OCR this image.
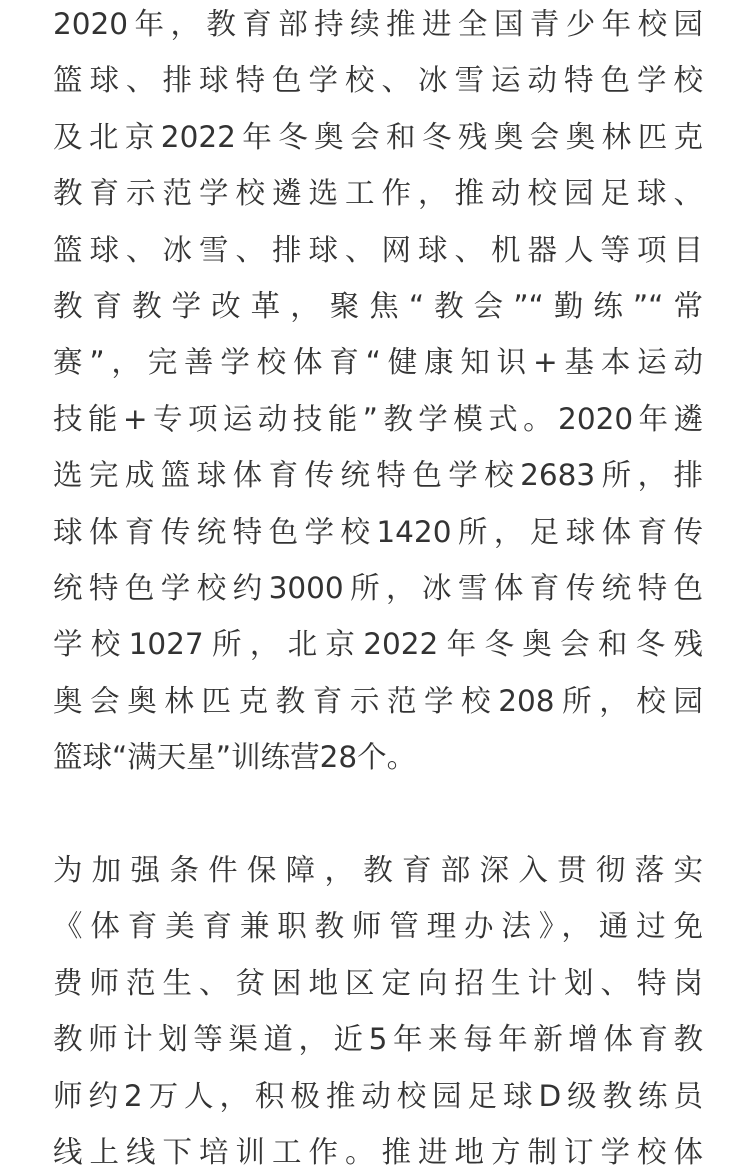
2020年，教育部持续推进全国青少年校园
篮球、排球特色学校、冰雪运动特色学校
及北京2022年冬奥会和冬残奥会奥林匹克
教育示范学校遴选工作，推动校园足球、
篮球、冰雪、排球、网球、机器人等项目
教育教学改革，聚焦“教会”“勤练”“常
赛”，完善学校体育“健康知识+基本运动
技能+专项运动技能”教学模式。2020年遴
选完成篮球体育传统特色学校2683所，排
球体育传统特色学校1420所，足球体育传
统特色学校约3000所，冰雪体育传统特色
学校1027所，北京2022年冬奥会和冬残
奥会奥林匹克教育示范学校208所，校园
篮球“满天星”训练营28个。
为加强条件保障，教育部深入贯彻落实
《体育美育兼职教师管理办法》，通过免
费师范生、贫困地区定向招生计划、特岗
教师计划等渠道，近5年来每年新增体育教
师约2万人，积极推动校园足球D级教练员
线上线下培训工作。推进地方制订学校体
